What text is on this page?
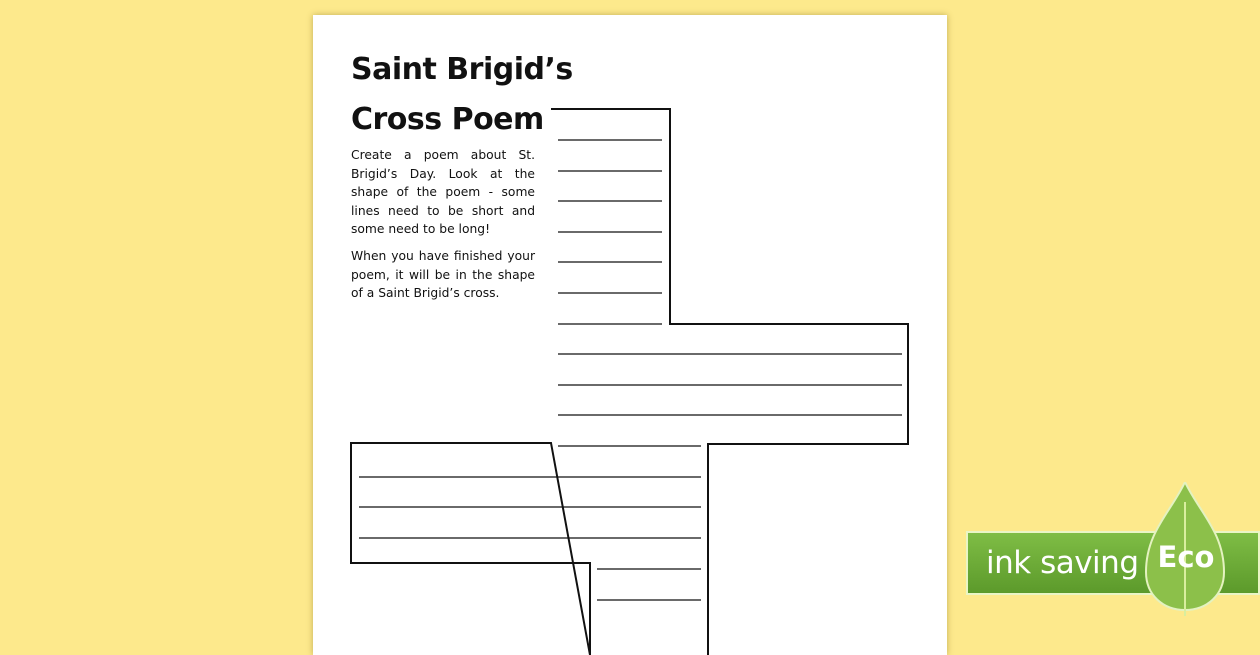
Saint Brigid’s
Cross Poem

Create a poem about St. Brigid’s Day. Look at the shape of the poem - some lines need to be short and some need to be long!

When you have finished your poem, it will be in the shape of a Saint Brigid’s cross.

ink saving Eco
